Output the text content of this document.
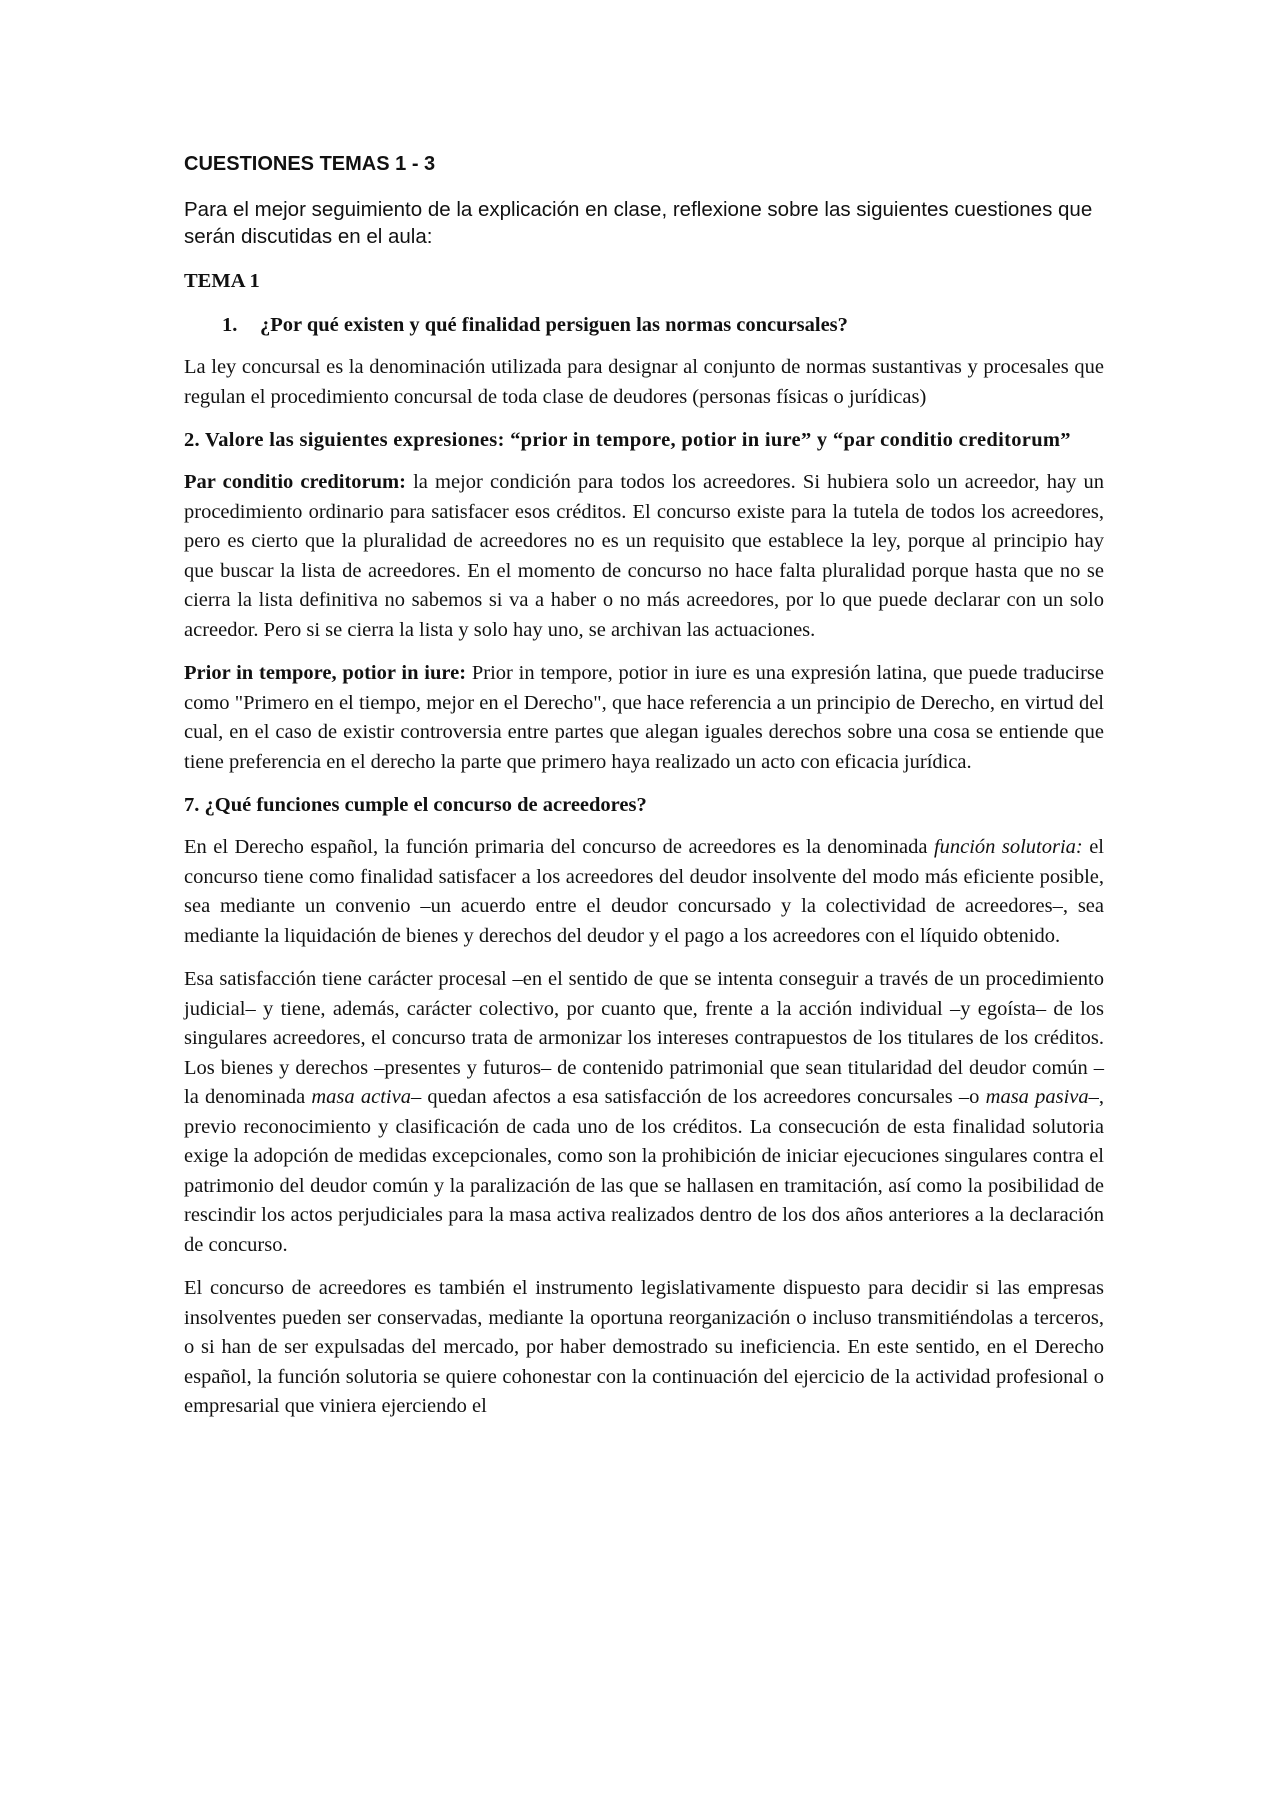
CUESTIONES TEMAS 1 - 3

Para el mejor seguimiento de la explicación en clase, reflexione sobre las siguientes cuestiones que serán discutidas en el aula:

TEMA 1
1. ¿Por qué existen y qué finalidad persiguen las normas concursales?

La ley concursal es la denominación utilizada para designar al conjunto de normas sustantivas y procesales que regulan el procedimiento concursal de toda clase de deudores (personas físicas o jurídicas)

2. Valore las siguientes expresiones: “prior in tempore, potior in iure” y “par conditio creditorum”

Par conditio creditorum: la mejor condición para todos los acreedores. Si hubiera solo un acreedor, hay un procedimiento ordinario para satisfacer esos créditos. El concurso existe para la tutela de todos los acreedores, pero es cierto que la pluralidad de acreedores no es un requisito que establece la ley, porque al principio hay que buscar la lista de acreedores. En el momento de concurso no hace falta pluralidad porque hasta que no se cierra la lista definitiva no sabemos si va a haber o no más acreedores, por lo que puede declarar con un solo acreedor. Pero si se cierra la lista y solo hay uno, se archivan las actuaciones.

Prior in tempore, potior in iure: Prior in tempore, potior in iure es una expresión latina, que puede traducirse como "Primero en el tiempo, mejor en el Derecho", que hace referencia a un principio de Derecho, en virtud del cual, en el caso de existir controversia entre partes que alegan iguales derechos sobre una cosa se entiende que tiene preferencia en el derecho la parte que primero haya realizado un acto con eficacia jurídica.

7. ¿Qué funciones cumple el concurso de acreedores?

En el Derecho español, la función primaria del concurso de acreedores es la denominada función solutoria: el concurso tiene como finalidad satisfacer a los acreedores del deudor insolvente del modo más eficiente posible, sea mediante un convenio –un acuerdo entre el deudor concursado y la colectividad de acreedores–, sea mediante la liquidación de bienes y derechos del deudor y el pago a los acreedores con el líquido obtenido.

Esa satisfacción tiene carácter procesal –en el sentido de que se intenta conseguir a través de un procedimiento judicial– y tiene, además, carácter colectivo, por cuanto que, frente a la acción individual –y egoísta– de los singulares acreedores, el concurso trata de armonizar los intereses contrapuestos de los titulares de los créditos. Los bienes y derechos –presentes y futuros– de contenido patrimonial que sean titularidad del deudor común –la denominada masa activa– quedan afectos a esa satisfacción de los acreedores concursales –o masa pasiva–, previo reconocimiento y clasificación de cada uno de los créditos. La consecución de esta finalidad solutoria exige la adopción de medidas excepcionales, como son la prohibición de iniciar ejecuciones singulares contra el patrimonio del deudor común y la paralización de las que se hallasen en tramitación, así como la posibilidad de rescindir los actos perjudiciales para la masa activa realizados dentro de los dos años anteriores a la declaración de concurso.

El concurso de acreedores es también el instrumento legislativamente dispuesto para decidir si las empresas insolventes pueden ser conservadas, mediante la oportuna reorganización o incluso transmitiéndolas a terceros, o si han de ser expulsadas del mercado, por haber demostrado su ineficiencia. En este sentido, en el Derecho español, la función solutoria se quiere cohonestar con la continuación del ejercicio de la actividad profesional o empresarial que viniera ejerciendo el
